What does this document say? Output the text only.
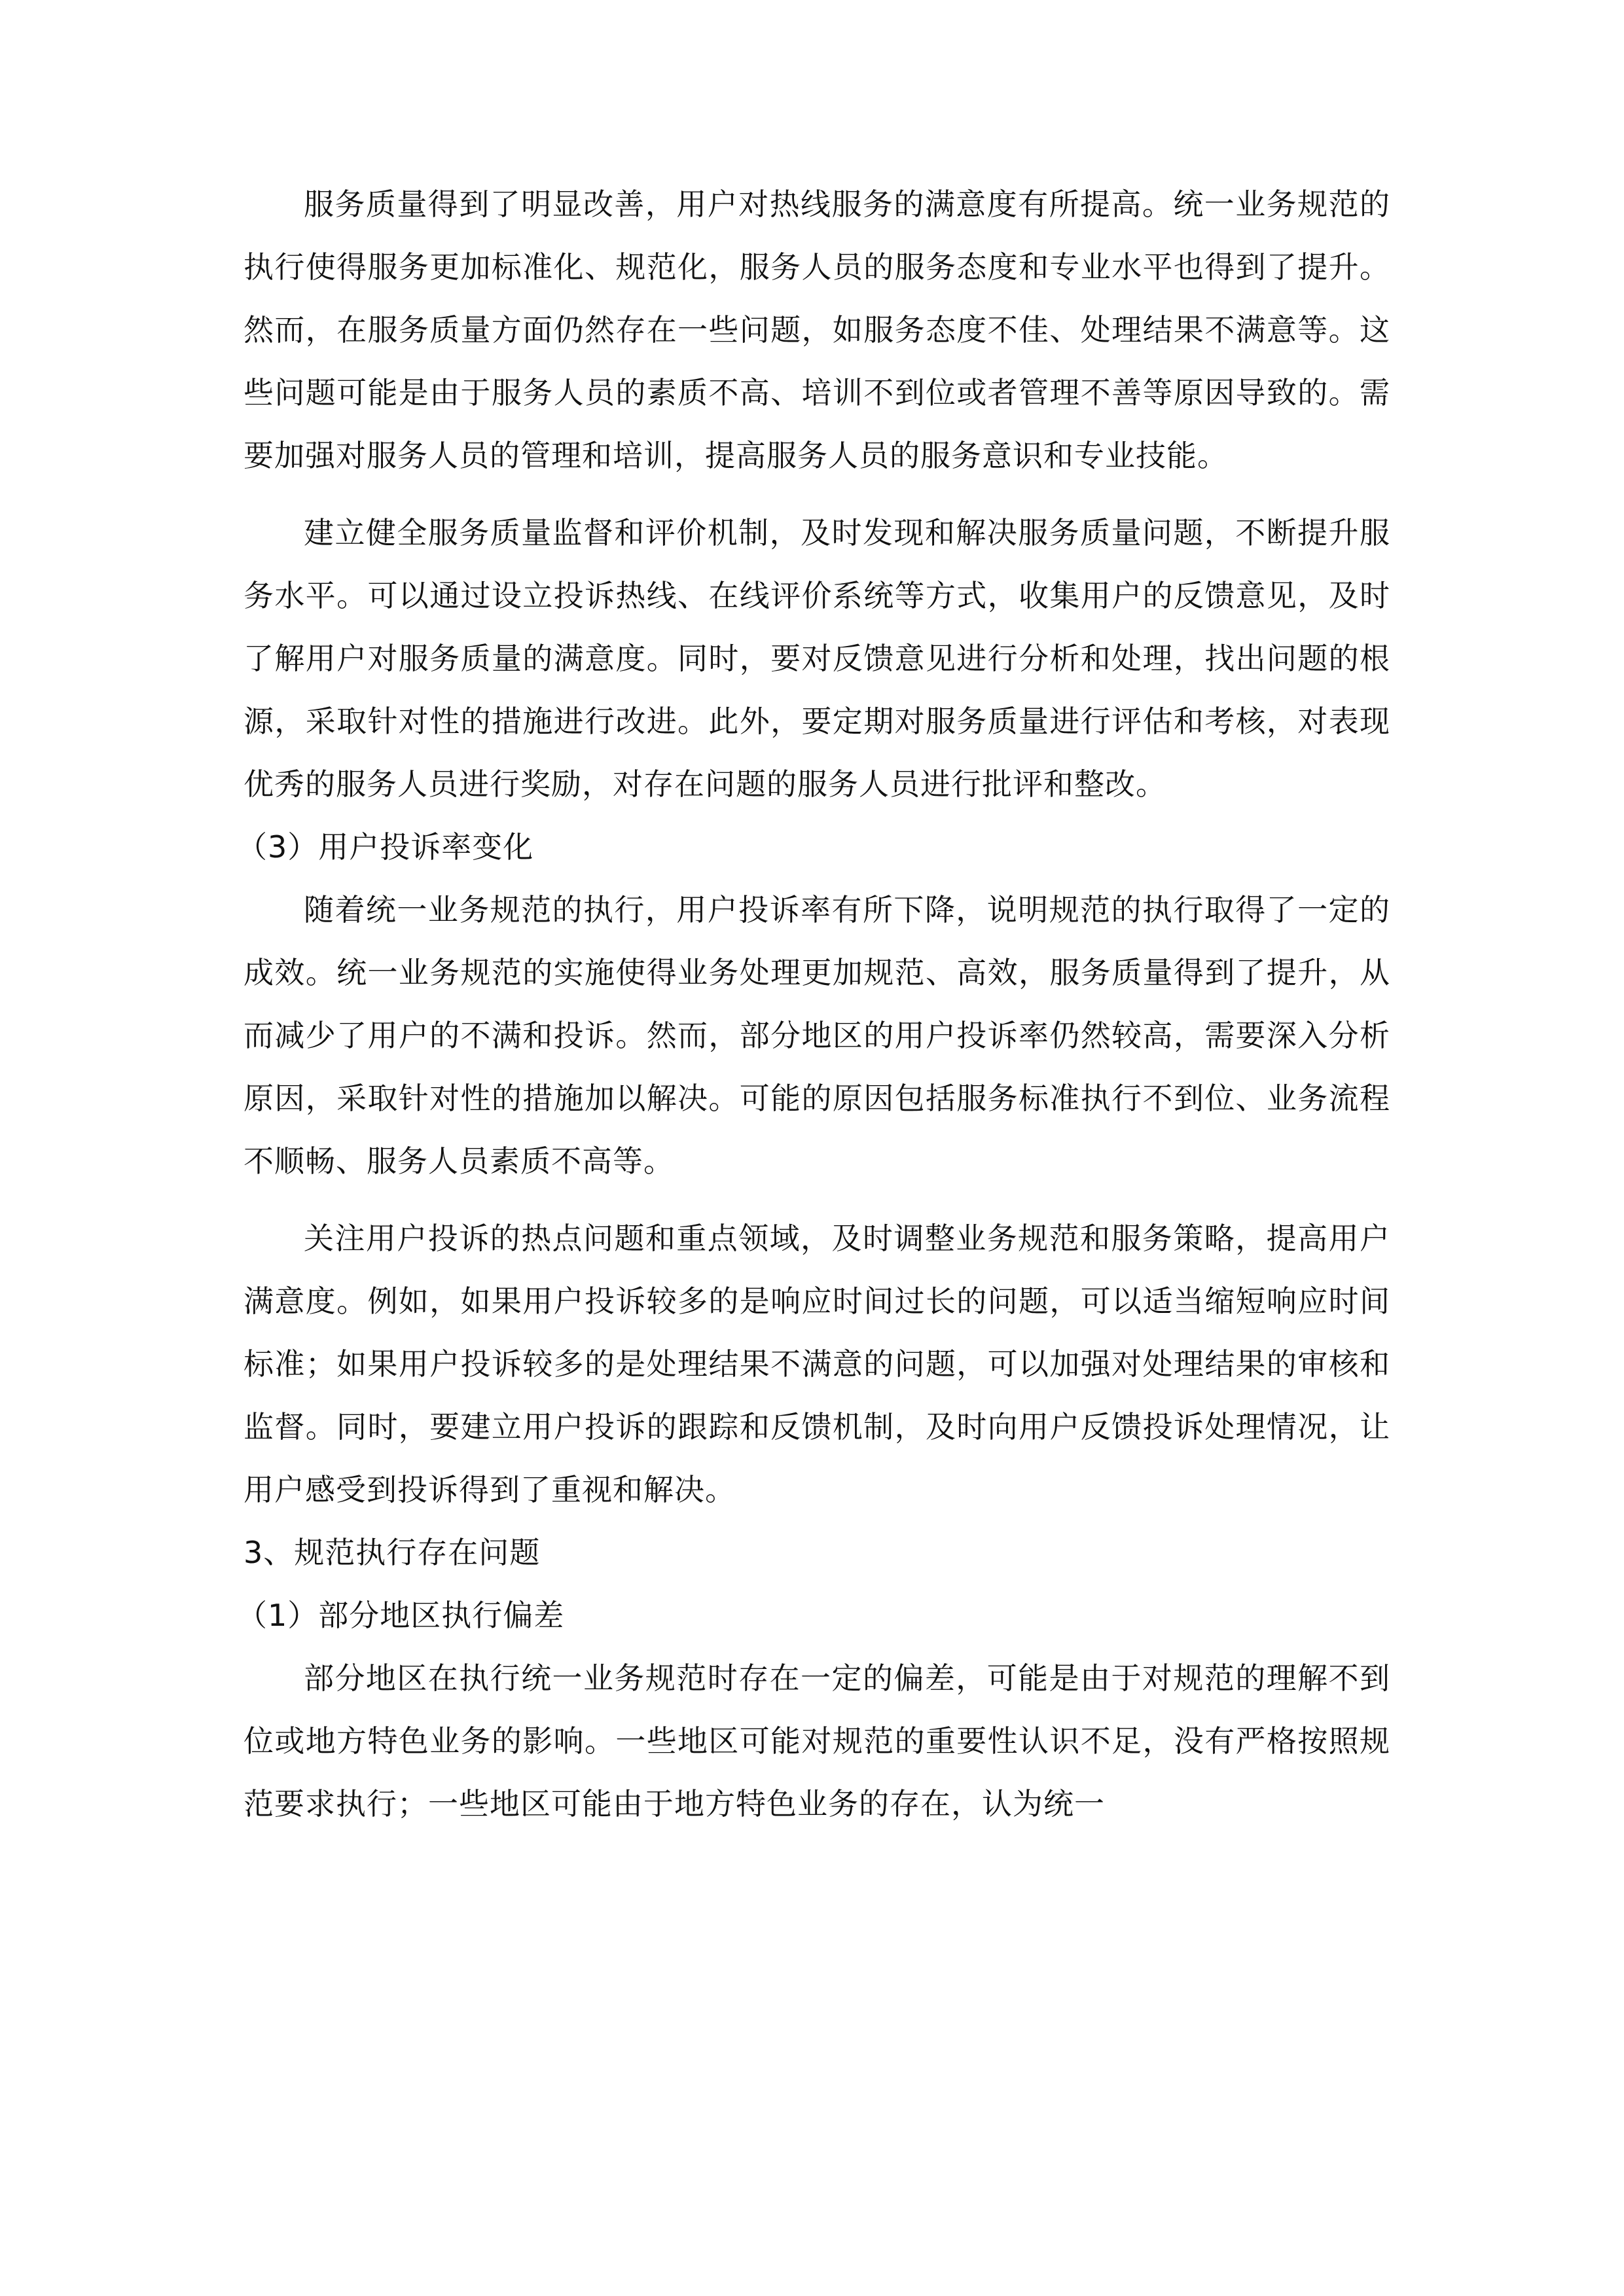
服务质量得到了明显改善，用户对热线服务的满意度有所提高。统一业务规范的执行使得服务更加标准化、规范化，服务人员的服务态度和专业水平也得到了提升。然而，在服务质量方面仍然存在一些问题，如服务态度不佳、处理结果不满意等。这些问题可能是由于服务人员的素质不高、培训不到位或者管理不善等原因导致的。需要加强对服务人员的管理和培训，提高服务人员的服务意识和专业技能。

建立健全服务质量监督和评价机制，及时发现和解决服务质量问题，不断提升服务水平。可以通过设立投诉热线、在线评价系统等方式，收集用户的反馈意见，及时了解用户对服务质量的满意度。同时，要对反馈意见进行分析和处理，找出问题的根源，采取针对性的措施进行改进。此外，要定期对服务质量进行评估和考核，对表现优秀的服务人员进行奖励，对存在问题的服务人员进行批评和整改。

（3）用户投诉率变化

随着统一业务规范的执行，用户投诉率有所下降，说明规范的执行取得了一定的成效。统一业务规范的实施使得业务处理更加规范、高效，服务质量得到了提升，从而减少了用户的不满和投诉。然而，部分地区的用户投诉率仍然较高，需要深入分析原因，采取针对性的措施加以解决。可能的原因包括服务标准执行不到位、业务流程不顺畅、服务人员素质不高等。

关注用户投诉的热点问题和重点领域，及时调整业务规范和服务策略，提高用户满意度。例如，如果用户投诉较多的是响应时间过长的问题，可以适当缩短响应时间标准；如果用户投诉较多的是处理结果不满意的问题，可以加强对处理结果的审核和监督。同时，要建立用户投诉的跟踪和反馈机制，及时向用户反馈投诉处理情况，让用户感受到投诉得到了重视和解决。

3、规范执行存在问题

（1）部分地区执行偏差

部分地区在执行统一业务规范时存在一定的偏差，可能是由于对规范的理解不到位或地方特色业务的影响。一些地区可能对规范的重要性认识不足，没有严格按照规范要求执行；一些地区可能由于地方特色业务的存在，认为统一
